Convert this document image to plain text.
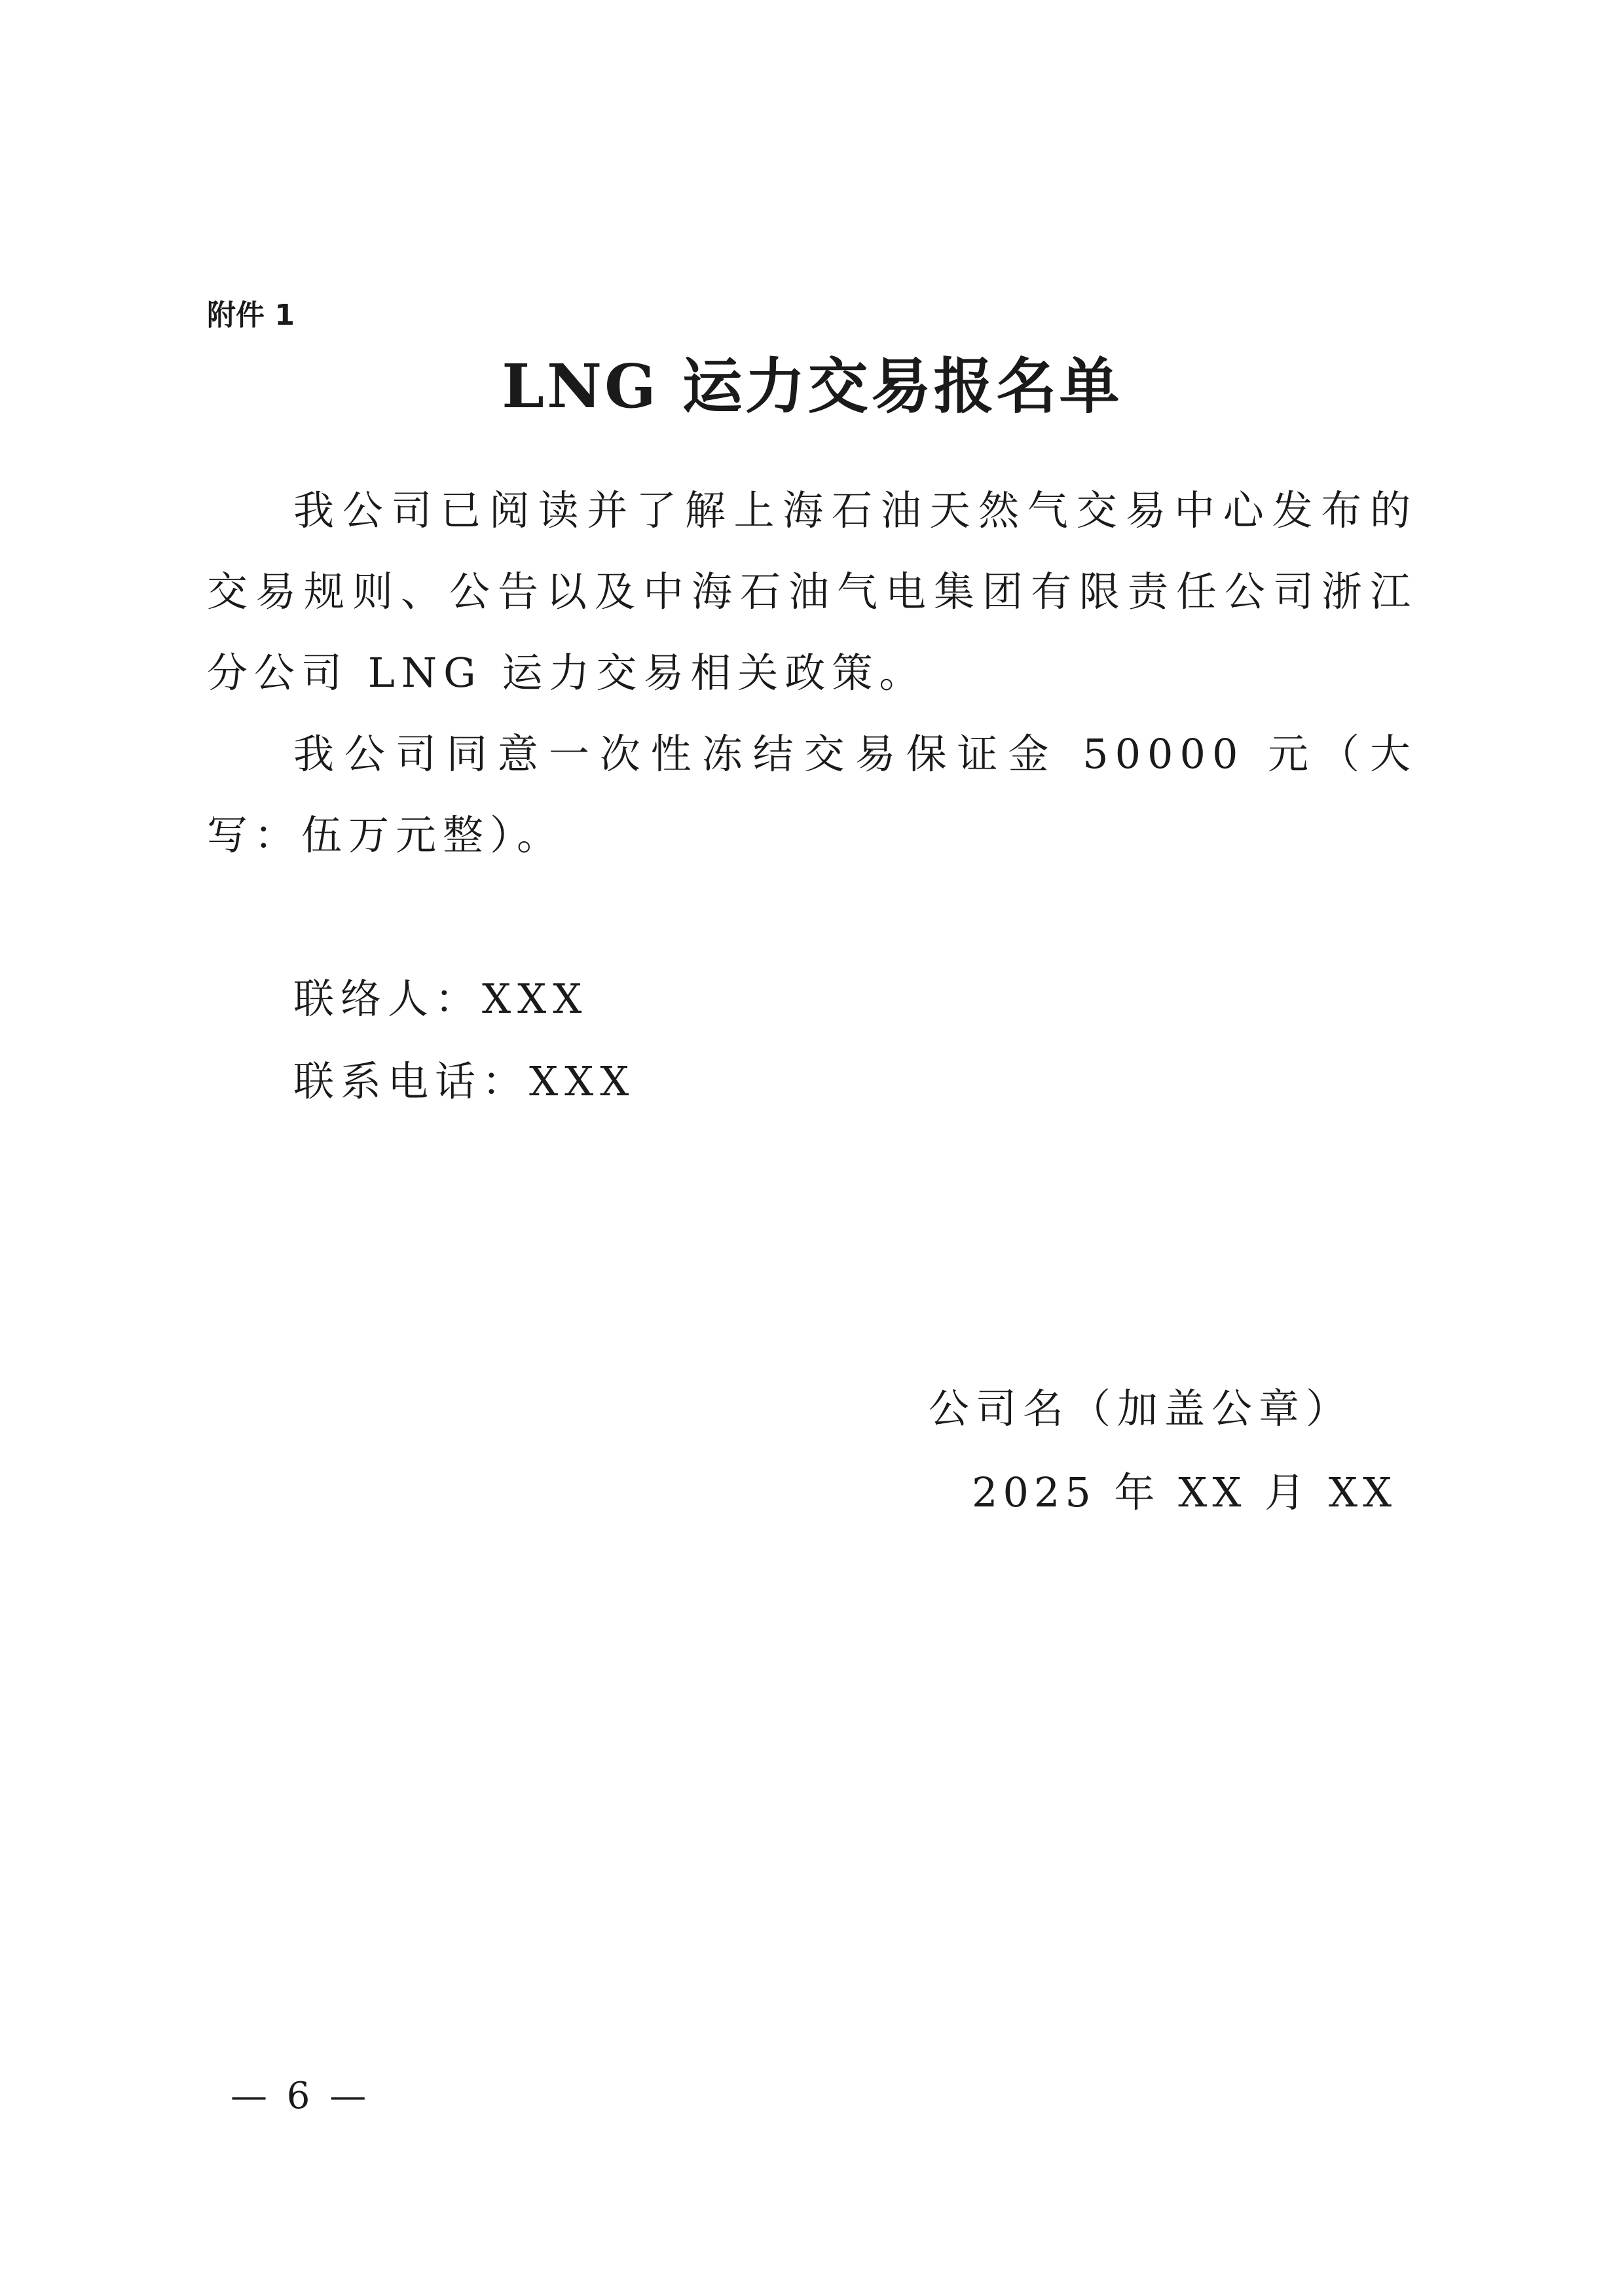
附件 1
LNG 运力交易报名单

我公司已阅读并了解上海石油天然气交易中心发布的交易规则、公告以及中海石油气电集团有限责任公司浙江分公司 LNG 运力交易相关政策。

我公司同意一次性冻结交易保证金 50000 元（大写：伍万元整）。

联络人：XXX
联系电话：XXX
公司名（加盖公章）
2025 年 XX 月 XX
— 6 —
